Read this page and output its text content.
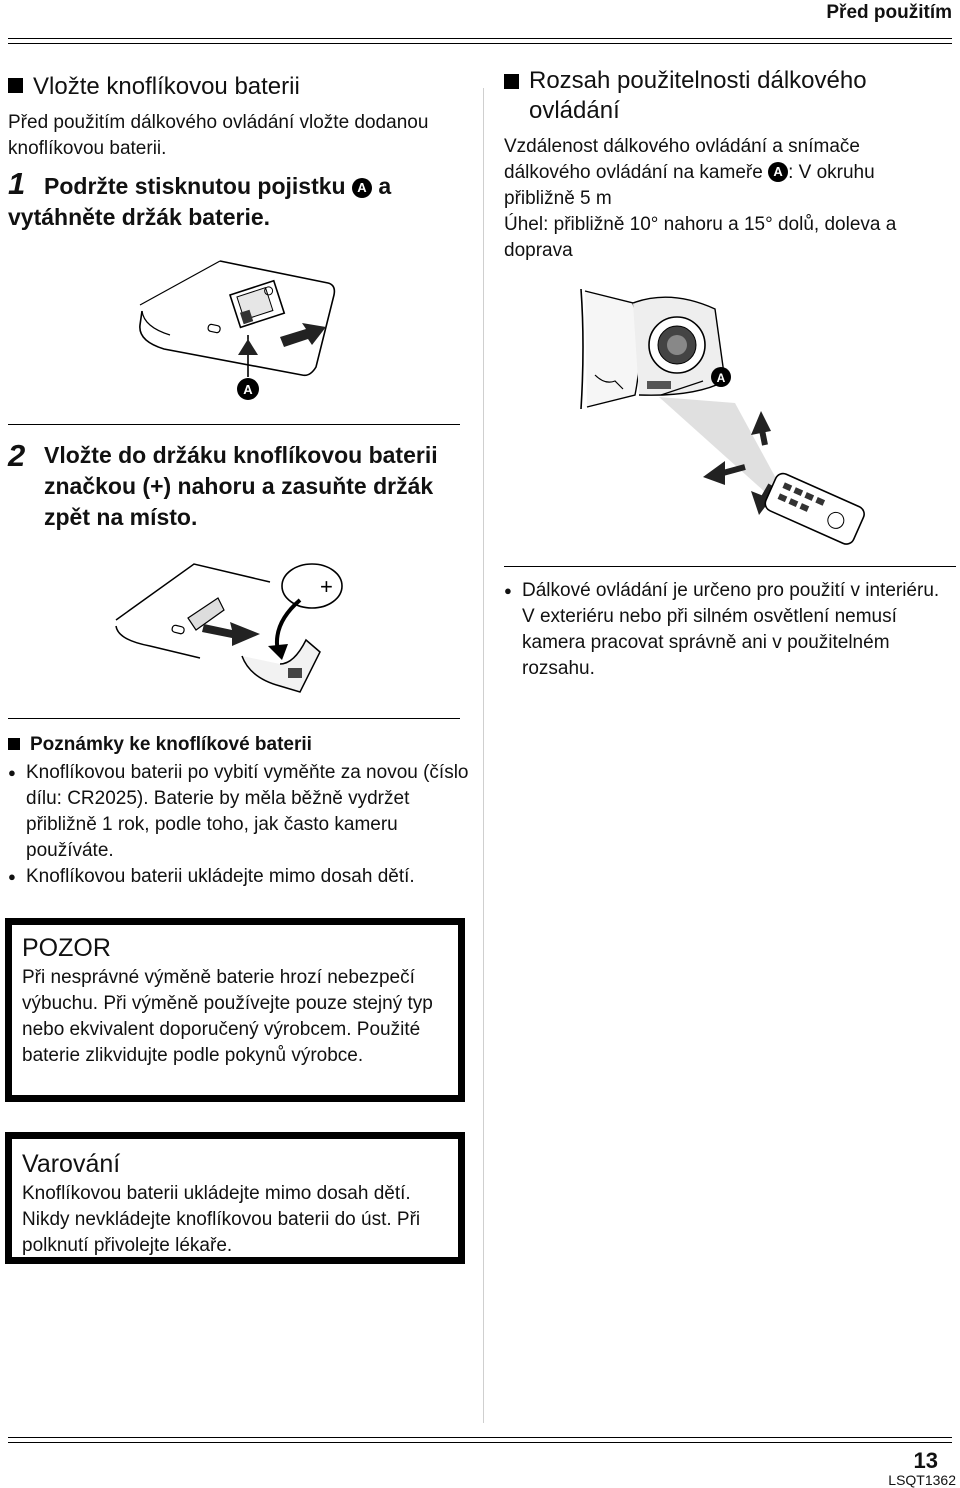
Před použitím
Vložte knoflíkovou baterii
Před použitím dálkového ovládání vložte dodanou knoflíkovou baterii.
1 Podržte stisknutou pojistku A a vytáhněte držák baterie.
A
2 Vložte do držáku knoflíkovou baterii značkou (+) nahoru a zasuňte držák zpět na místo.
+
Poznámky ke knoflíkové baterii
● Knoflíkovou baterii po vybití vyměňte za novou (číslo dílu: CR2025). Baterie by měla běžně vydržet přibližně 1 rok, podle toho, jak často kameru používáte.
● Knoflíkovou baterii ukládejte mimo dosah dětí.
POZOR
Při nesprávné výměně baterie hrozí nebezpečí výbuchu. Při výměně používejte pouze stejný typ nebo ekvivalent doporučený výrobcem. Použité baterie zlikvidujte podle pokynů výrobce.
Varování
Knoflíkovou baterii ukládejte mimo dosah dětí. Nikdy nevkládejte knoflíkovou baterii do úst. Při polknutí přivolejte lékaře.
Rozsah použitelnosti dálkového ovládání
Vzdálenost dálkového ovládání a snímače dálkového ovládání na kameře A : V okruhu přibližně 5 m
Úhel: přibližně 10° nahoru a 15° dolů, doleva a doprava
A
● Dálkové ovládání je určeno pro použití v interiéru. V exteriéru nebo při silném osvětlení nemusí kamera pracovat správně ani v použitelném rozsahu.
13
LSQT1362
